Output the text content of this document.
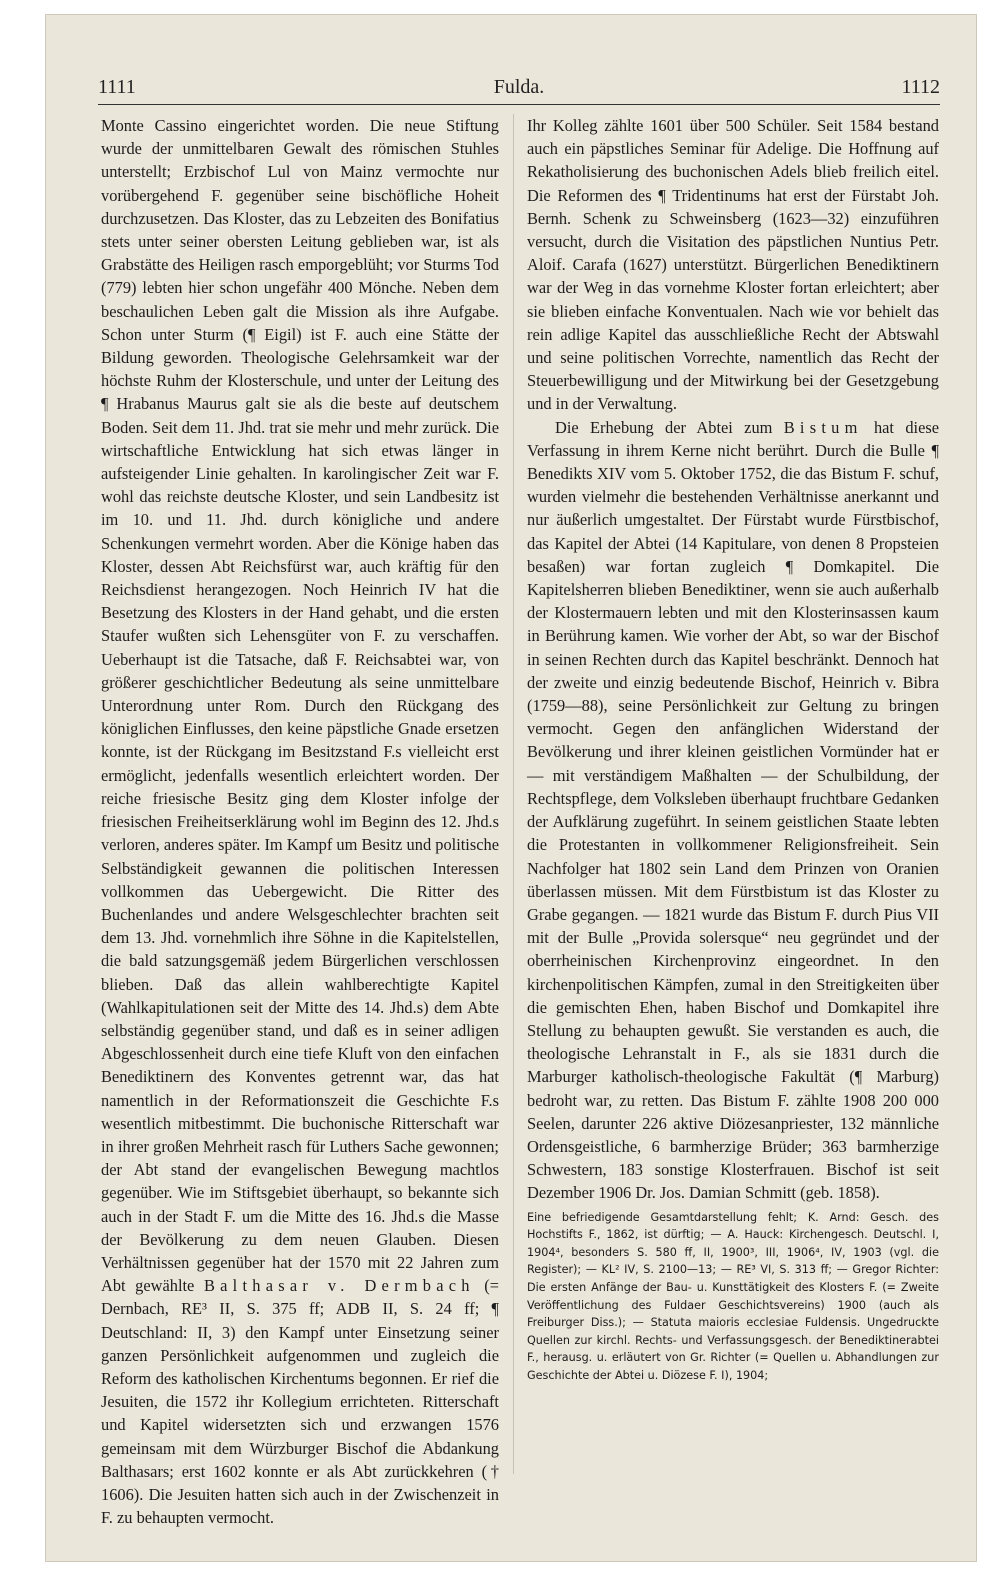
1111	Fulda.	1112

Monte Cassino eingerichtet worden. Die neue Stiftung wurde der unmittelbaren Gewalt des römischen Stuhles unterstellt; Erzbischof Lul von Mainz vermochte nur vorübergehend F. gegenüber seine bischöfliche Hoheit durchzusetzen. Das Kloster, das zu Lebzeiten des Bonifatius stets unter seiner obersten Leitung geblieben war, ist als Grabstätte des Heiligen rasch emporgeblüht; vor Sturms Tod (779) lebten hier schon ungefähr 400 Mönche. Neben dem beschaulichen Leben galt die Mission als ihre Aufgabe. Schon unter Sturm (¶ Eigil) ist F. auch eine Stätte der Bildung geworden. Theologische Gelehrsamkeit war der höchste Ruhm der Klosterschule, und unter der Leitung des ¶ Hrabanus Maurus galt sie als die beste auf deutschem Boden. Seit dem 11. Jhd. trat sie mehr und mehr zurück. Die wirtschaftliche Entwicklung hat sich etwas länger in aufsteigender Linie gehalten. In karolingischer Zeit war F. wohl das reichste deutsche Kloster, und sein Landbesitz ist im 10. und 11. Jhd. durch königliche und andere Schenkungen vermehrt worden. Aber die Könige haben das Kloster, dessen Abt Reichsfürst war, auch kräftig für den Reichsdienst herangezogen. Noch Heinrich IV hat die Besetzung des Klosters in der Hand gehabt, und die ersten Staufer wußten sich Lehensgüter von F. zu verschaffen. Ueberhaupt ist die Tatsache, daß F. Reichsabtei war, von größerer geschichtlicher Bedeutung als seine unmittelbare Unterordnung unter Rom. Durch den Rückgang des königlichen Einflusses, den keine päpstliche Gnade ersetzen konnte, ist der Rückgang im Besitzstand F.s vielleicht erst ermöglicht, jedenfalls wesentlich erleichtert worden. Der reiche friesische Besitz ging dem Kloster infolge der friesischen Freiheitserklärung wohl im Beginn des 12. Jhd.s verloren, anderes später. Im Kampf um Besitz und politische Selbständigkeit gewannen die politischen Interessen vollkommen das Uebergewicht. Die Ritter des Buchenlandes und andere Welsgeschlechter brachten seit dem 13. Jhd. vornehmlich ihre Söhne in die Kapitelstellen, die bald satzungsgemäß jedem Bürgerlichen verschlossen blieben. Daß das allein wahlberechtigte Kapitel (Wahlkapitulationen seit der Mitte des 14. Jhd.s) dem Abte selbständig gegenüber stand, und daß es in seiner adligen Abgeschlossenheit durch eine tiefe Kluft von den einfachen Benediktinern des Konventes getrennt war, das hat namentlich in der Reformationszeit die Geschichte F.s wesentlich mitbestimmt. Die buchonische Ritterschaft war in ihrer großen Mehrheit rasch für Luthers Sache gewonnen; der Abt stand der evangelischen Bewegung machtlos gegenüber. Wie im Stiftsgebiet überhaupt, so bekannte sich auch in der Stadt F. um die Mitte des 16. Jhd.s die Masse der Bevölkerung zu dem neuen Glauben. Diesen Verhältnissen gegenüber hat der 1570 mit 22 Jahren zum Abt gewählte Balthasar v. Dermbach (= Dernbach, RE³ II, S. 375 ff; ADB II, S. 24 ff; ¶ Deutschland: II, 3) den Kampf unter Einsetzung seiner ganzen Persönlichkeit aufgenommen und zugleich die Reform des katholischen Kirchentums begonnen. Er rief die Jesuiten, die 1572 ihr Kollegium errichteten. Ritterschaft und Kapitel widersetzten sich und erzwangen 1576 gemeinsam mit dem Würzburger Bischof die Abdankung Balthasars; erst 1602 konnte er als Abt zurückkehren († 1606). Die Jesuiten hatten sich auch in der Zwischenzeit in F. zu behaupten vermocht.

Ihr Kolleg zählte 1601 über 500 Schüler. Seit 1584 bestand auch ein päpstliches Seminar für Adelige. Die Hoffnung auf Rekatholisierung des buchonischen Adels blieb freilich eitel. Die Reformen des ¶ Tridentinums hat erst der Fürstabt Joh. Bernh. Schenk zu Schweinsberg (1623—32) einzuführen versucht, durch die Visitation des päpstlichen Nuntius Petr. Aloif. Carafa (1627) unterstützt. Bürgerlichen Benediktinern war der Weg in das vornehme Kloster fortan erleichtert; aber sie blieben einfache Konventualen. Nach wie vor behielt das rein adlige Kapitel das ausschließliche Recht der Abtswahl und seine politischen Vorrechte, namentlich das Recht der Steuerbewilligung und der Mitwirkung bei der Gesetzgebung und in der Verwaltung.

Die Erhebung der Abtei zum Bistum hat diese Verfassung in ihrem Kerne nicht berührt. Durch die Bulle ¶ Benedikts XIV vom 5. Oktober 1752, die das Bistum F. schuf, wurden vielmehr die bestehenden Verhältnisse anerkannt und nur äußerlich umgestaltet. Der Fürstabt wurde Fürstbischof, das Kapitel der Abtei (14 Kapitulare, von denen 8 Propsteien besaßen) war fortan zugleich ¶ Domkapitel. Die Kapitelsherren blieben Benediktiner, wenn sie auch außerhalb der Klostermauern lebten und mit den Klosterinsassen kaum in Berührung kamen. Wie vorher der Abt, so war der Bischof in seinen Rechten durch das Kapitel beschränkt. Dennoch hat der zweite und einzig bedeutende Bischof, Heinrich v. Bibra (1759—88), seine Persönlichkeit zur Geltung zu bringen vermocht. Gegen den anfänglichen Widerstand der Bevölkerung und ihrer kleinen geistlichen Vormünder hat er — mit verständigem Maßhalten — der Schulbildung, der Rechtspflege, dem Volksleben überhaupt fruchtbare Gedanken der Aufklärung zugeführt. In seinem geistlichen Staate lebten die Protestanten in vollkommener Religionsfreiheit. Sein Nachfolger hat 1802 sein Land dem Prinzen von Oranien überlassen müssen. Mit dem Fürstbistum ist das Kloster zu Grabe gegangen. — 1821 wurde das Bistum F. durch Pius VII mit der Bulle „Provida solersque“ neu gegründet und der oberrheinischen Kirchenprovinz eingeordnet. In den kirchenpolitischen Kämpfen, zumal in den Streitigkeiten über die gemischten Ehen, haben Bischof und Domkapitel ihre Stellung zu behaupten gewußt. Sie verstanden es auch, die theologische Lehranstalt in F., als sie 1831 durch die Marburger katholisch-theologische Fakultät (¶ Marburg) bedroht war, zu retten. Das Bistum F. zählte 1908 200 000 Seelen, darunter 226 aktive Diözesanpriester, 132 männliche Ordensgeistliche, 6 barmherzige Brüder; 363 barmherzige Schwestern, 183 sonstige Klosterfrauen. Bischof ist seit Dezember 1906 Dr. Jos. Damian Schmitt (geb. 1858).

Eine befriedigende Gesamtdarstellung fehlt; K. Arnd: Gesch. des Hochstifts F., 1862, ist dürftig; — A. Hauck: Kirchengesch. Deutschl. I, 1904⁴, besonders S. 580 ff, II, 1900³, III, 1906⁴, IV, 1903 (vgl. die Register); — KL² IV, S. 2100—13; — RE³ VI, S. 313 ff; — Gregor Richter: Die ersten Anfänge der Bau- u. Kunsttätigkeit des Klosters F. (= Zweite Veröffentlichung des Fuldaer Geschichtsvereins) 1900 (auch als Freiburger Diss.); — Statuta maioris ecclesiae Fuldensis. Ungedruckte Quellen zur kirchl. Rechts- und Verfassungsgesch. der Benediktinerabtei F., herausg. u. erläutert von Gr. Richter (= Quellen u. Abhandlungen zur Geschichte der Abtei u. Diözese F. I), 1904;
